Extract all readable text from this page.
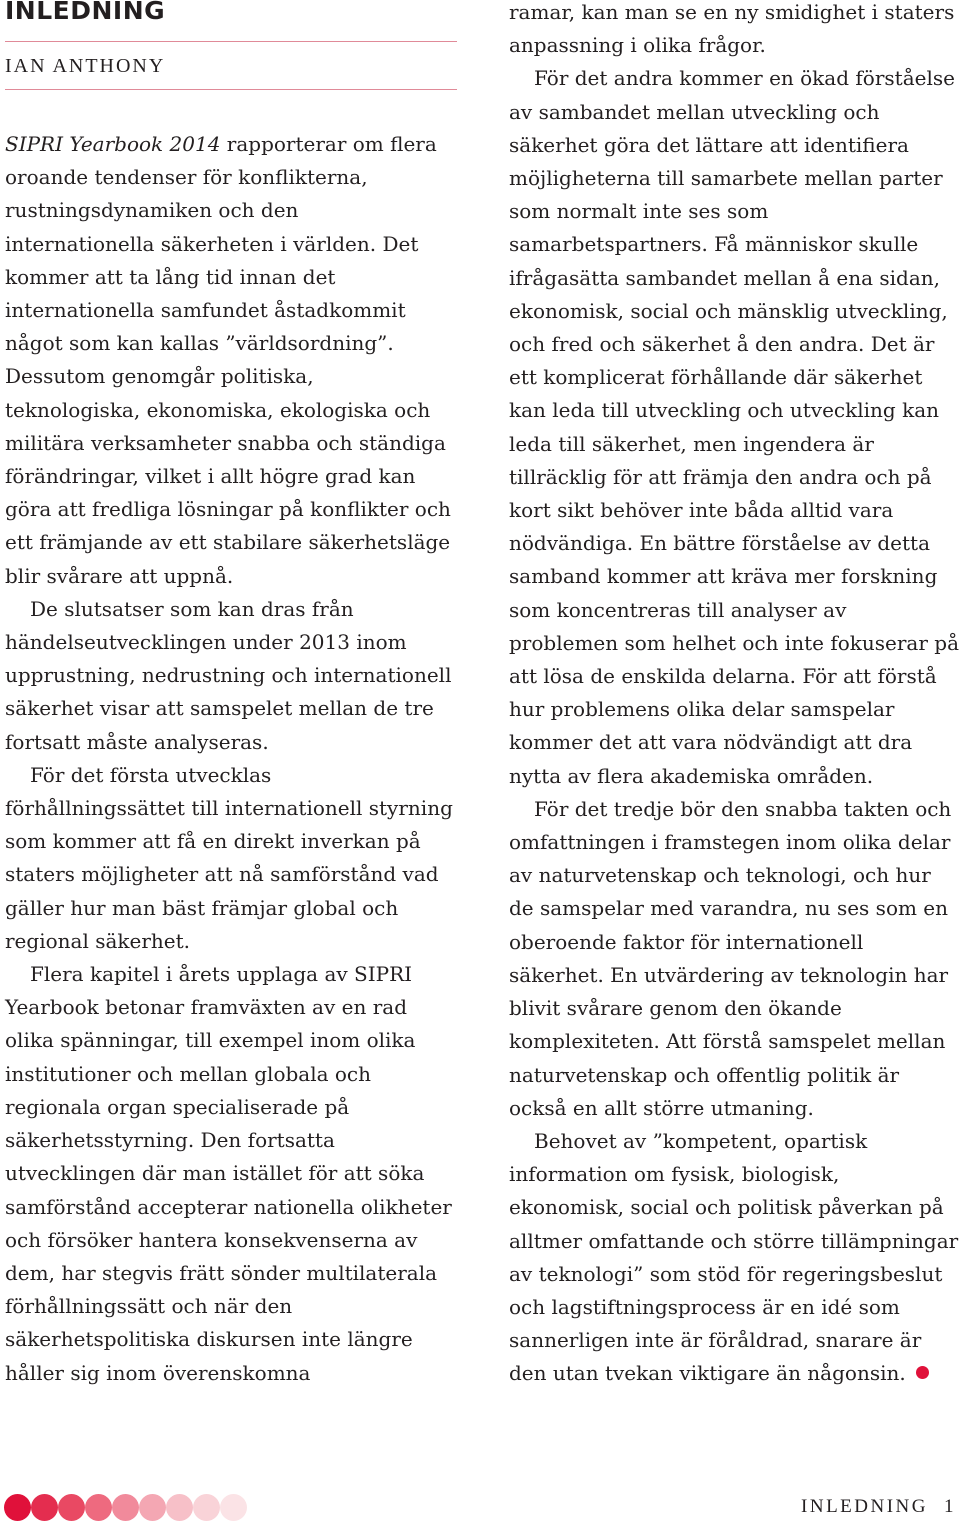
INLEDNING
IAN ANTHONY

SIPRI Yearbook 2014 rapporterar om flera oroande tendenser för konflikterna, rustningsdynamiken och den internationella säkerheten i världen. Det kommer att ta lång tid innan det internationella samfundet åstadkommit något som kan kallas ”världsordning”. Dessutom genomgår politiska, teknologiska, ekonomiska, ekologiska och militära verksamheter snabba och ständiga förändringar, vilket i allt högre grad kan göra att fredliga lösningar på konflikter och ett främjande av ett stabilare säkerhetsläge blir svårare att uppnå.

De slutsatser som kan dras från händelseutvecklingen under 2013 inom upprustning, nedrustning och internationell säkerhet visar att samspelet mellan de tre fortsatt måste analyseras.

För det första utvecklas förhållningssättet till internationell styrning som kommer att få en direkt inverkan på staters möjligheter att nå samförstånd vad gäller hur man bäst främjar global och regional säkerhet.

Flera kapitel i årets upplaga av SIPRI Yearbook betonar framväxten av en rad olika spänningar, till exempel inom olika institutioner och mellan globala och regionala organ specialiserade på säkerhetsstyrning. Den fortsatta utvecklingen där man istället för att söka samförstånd accepterar nationella olikheter och försöker hantera konsekvenserna av dem, har stegvis frätt sönder multilaterala förhållningssätt och när den säkerhetspolitiska diskursen inte längre håller sig inom överenskomna

ramar, kan man se en ny smidighet i staters anpassning i olika frågor.

För det andra kommer en ökad förståelse av sambandet mellan utveckling och säkerhet göra det lättare att identifiera möjligheterna till samarbete mellan parter som normalt inte ses som samarbetspartners. Få människor skulle ifrågasätta sambandet mellan å ena sidan, ekonomisk, social och mänsklig utveckling, och fred och säkerhet å den andra. Det är ett komplicerat förhållande där säkerhet kan leda till utveckling och utveckling kan leda till säkerhet, men ingendera är tillräcklig för att främja den andra och på kort sikt behöver inte båda alltid vara nödvändiga. En bättre förståelse av detta samband kommer att kräva mer forskning som koncentreras till analyser av problemen som helhet och inte fokuserar på att lösa de enskilda delarna. För att förstå hur problemens olika delar samspelar kommer det att vara nödvändigt att dra nytta av flera akademiska områden.

För det tredje bör den snabba takten och omfattningen i framstegen inom olika delar av naturvetenskap och teknologi, och hur de samspelar med varandra, nu ses som en oberoende faktor för internationell säkerhet. En utvärdering av teknologin har blivit svårare genom den ökande komplexiteten. Att förstå samspelet mellan naturvetenskap och offentlig politik är också en allt större utmaning.

Behovet av ”kompetent, opartisk information om fysisk, biologisk, ekonomisk, social och politisk påverkan på alltmer omfattande och större tillämpningar av teknologi” som stöd för regeringsbeslut och lagstiftningsprocess är en idé som sannerligen inte är föråldrad, snarare är den utan tvekan viktigare än någonsin.

INLEDNING 1
